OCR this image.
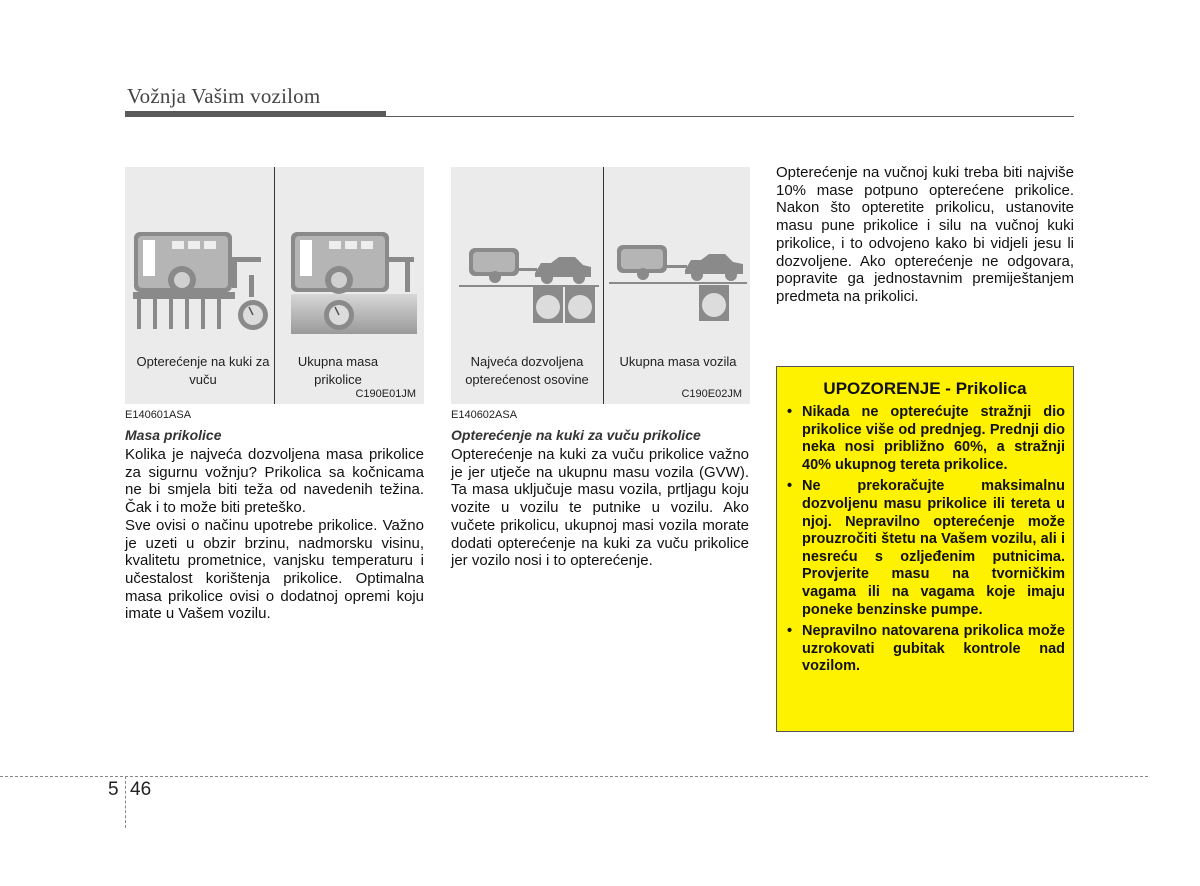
Vožnja Vašim vozilom
Opterećenje na kuki za vuču
Ukupna masa prikolice
C190E01JM
Najveća dozvoljena opterećenost osovine
Ukupna masa vozila
C190E02JM
E140601ASA
Masa prikolice

Kolika je najveća dozvoljena masa prikolice za sigurnu vožnju? Prikolica sa kočnicama ne bi smjela biti teža od navedenih težina. Čak i to može biti preteško.

Sve ovisi o načinu upotrebe prikolice. Važno je uzeti u obzir brzinu, nadmorsku visinu, kvalitetu prometnice, vanjsku temperaturu i učestalost korištenja prikolice. Optimalna masa prikolice ovisi o dodatnoj opremi koju imate u Vašem vozilu.

E140602ASA
Opterećenje na kuki za vuču prikolice

Opterećenje na kuki za vuču prikolice važno je jer utječe na ukupnu masu vozila (GVW). Ta masa uključuje masu vozila, prtljagu koju vozite u vozilu te putnike u vozilu. Ako vučete prikolicu, ukupnoj masi vozila morate dodati opterećenje na kuki za vuču prikolice jer vozilo nosi i to opterećenje.

Opterećenje na vučnoj kuki treba biti najviše 10% mase potpuno opterećene prikolice. Nakon što opteretite prikolicu, ustanovite masu pune prikolice i silu na vučnoj kuki prikolice, i to odvojeno kako bi vidjeli jesu li dozvoljene. Ako opterećenje ne odgovara, popravite ga jednostavnim premiještanjem predmeta na prikolici.

UPOZORENJE - Prikolica
• Nikada ne opterećujte stražnji dio prikolice više od prednjeg. Prednji dio neka nosi približno 60%, a stražnji 40% ukupnog tereta prikolice.
• Ne prekoračujte maksimalnu dozvoljenu masu prikolice ili tereta u njoj. Nepravilno opterećenje može prouzročiti štetu na Vašem vozilu, ali i nesreću s ozljeđenim putnicima. Provjerite masu na tvorničkim vagama ili na vagama koje imaju poneke benzinske pumpe.
• Nepravilno natovarena prikolica može uzrokovati gubitak kontrole nad vozilom.
5 46
